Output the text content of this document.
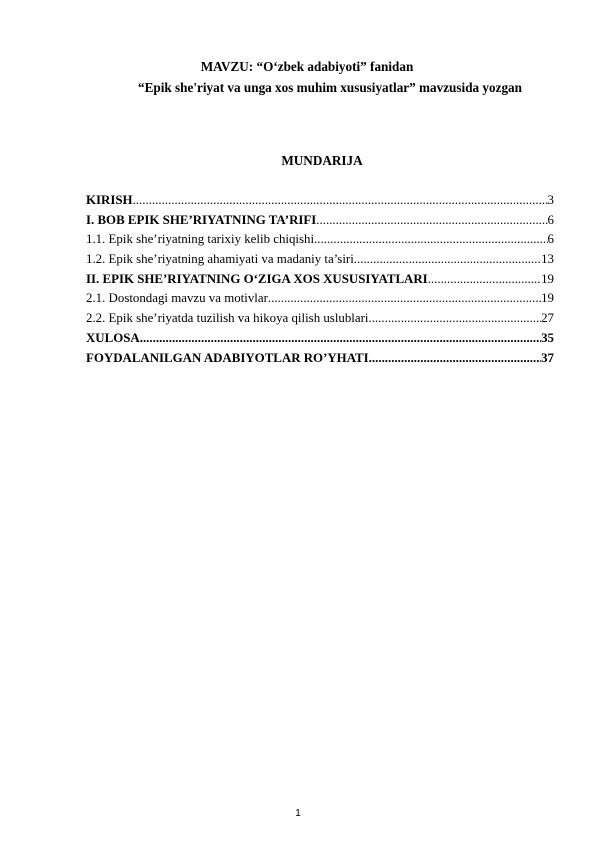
MAVZU: “O‘zbek adabiyoti” fanidan
“Epik she'riyat va unga xos muhim xususiyatlar” mavzusida yozgan
MUNDARIJA
KIRISH .....	3
I. BOB EPIK SHE’RIYATNING TA’RIFI .....	6
1.1. Epik she’riyatning tarixiy kelib chiqishi .....	6
1.2. Epik she’riyatning ahamiyati va madaniy ta’siri .....	13
II. EPIK SHE’RIYATNING O‘ZIGA XOS XUSUSIYATLARI .....	19
2.1. Dostondagi mavzu va motivlar .....	19
2.2. Epik she’riyatda tuzilish va hikoya qilish uslublari .....	27
XULOSA .....	35
FOYDALANILGAN ADABIYOTLAR RO’YHATI .....	37
1
